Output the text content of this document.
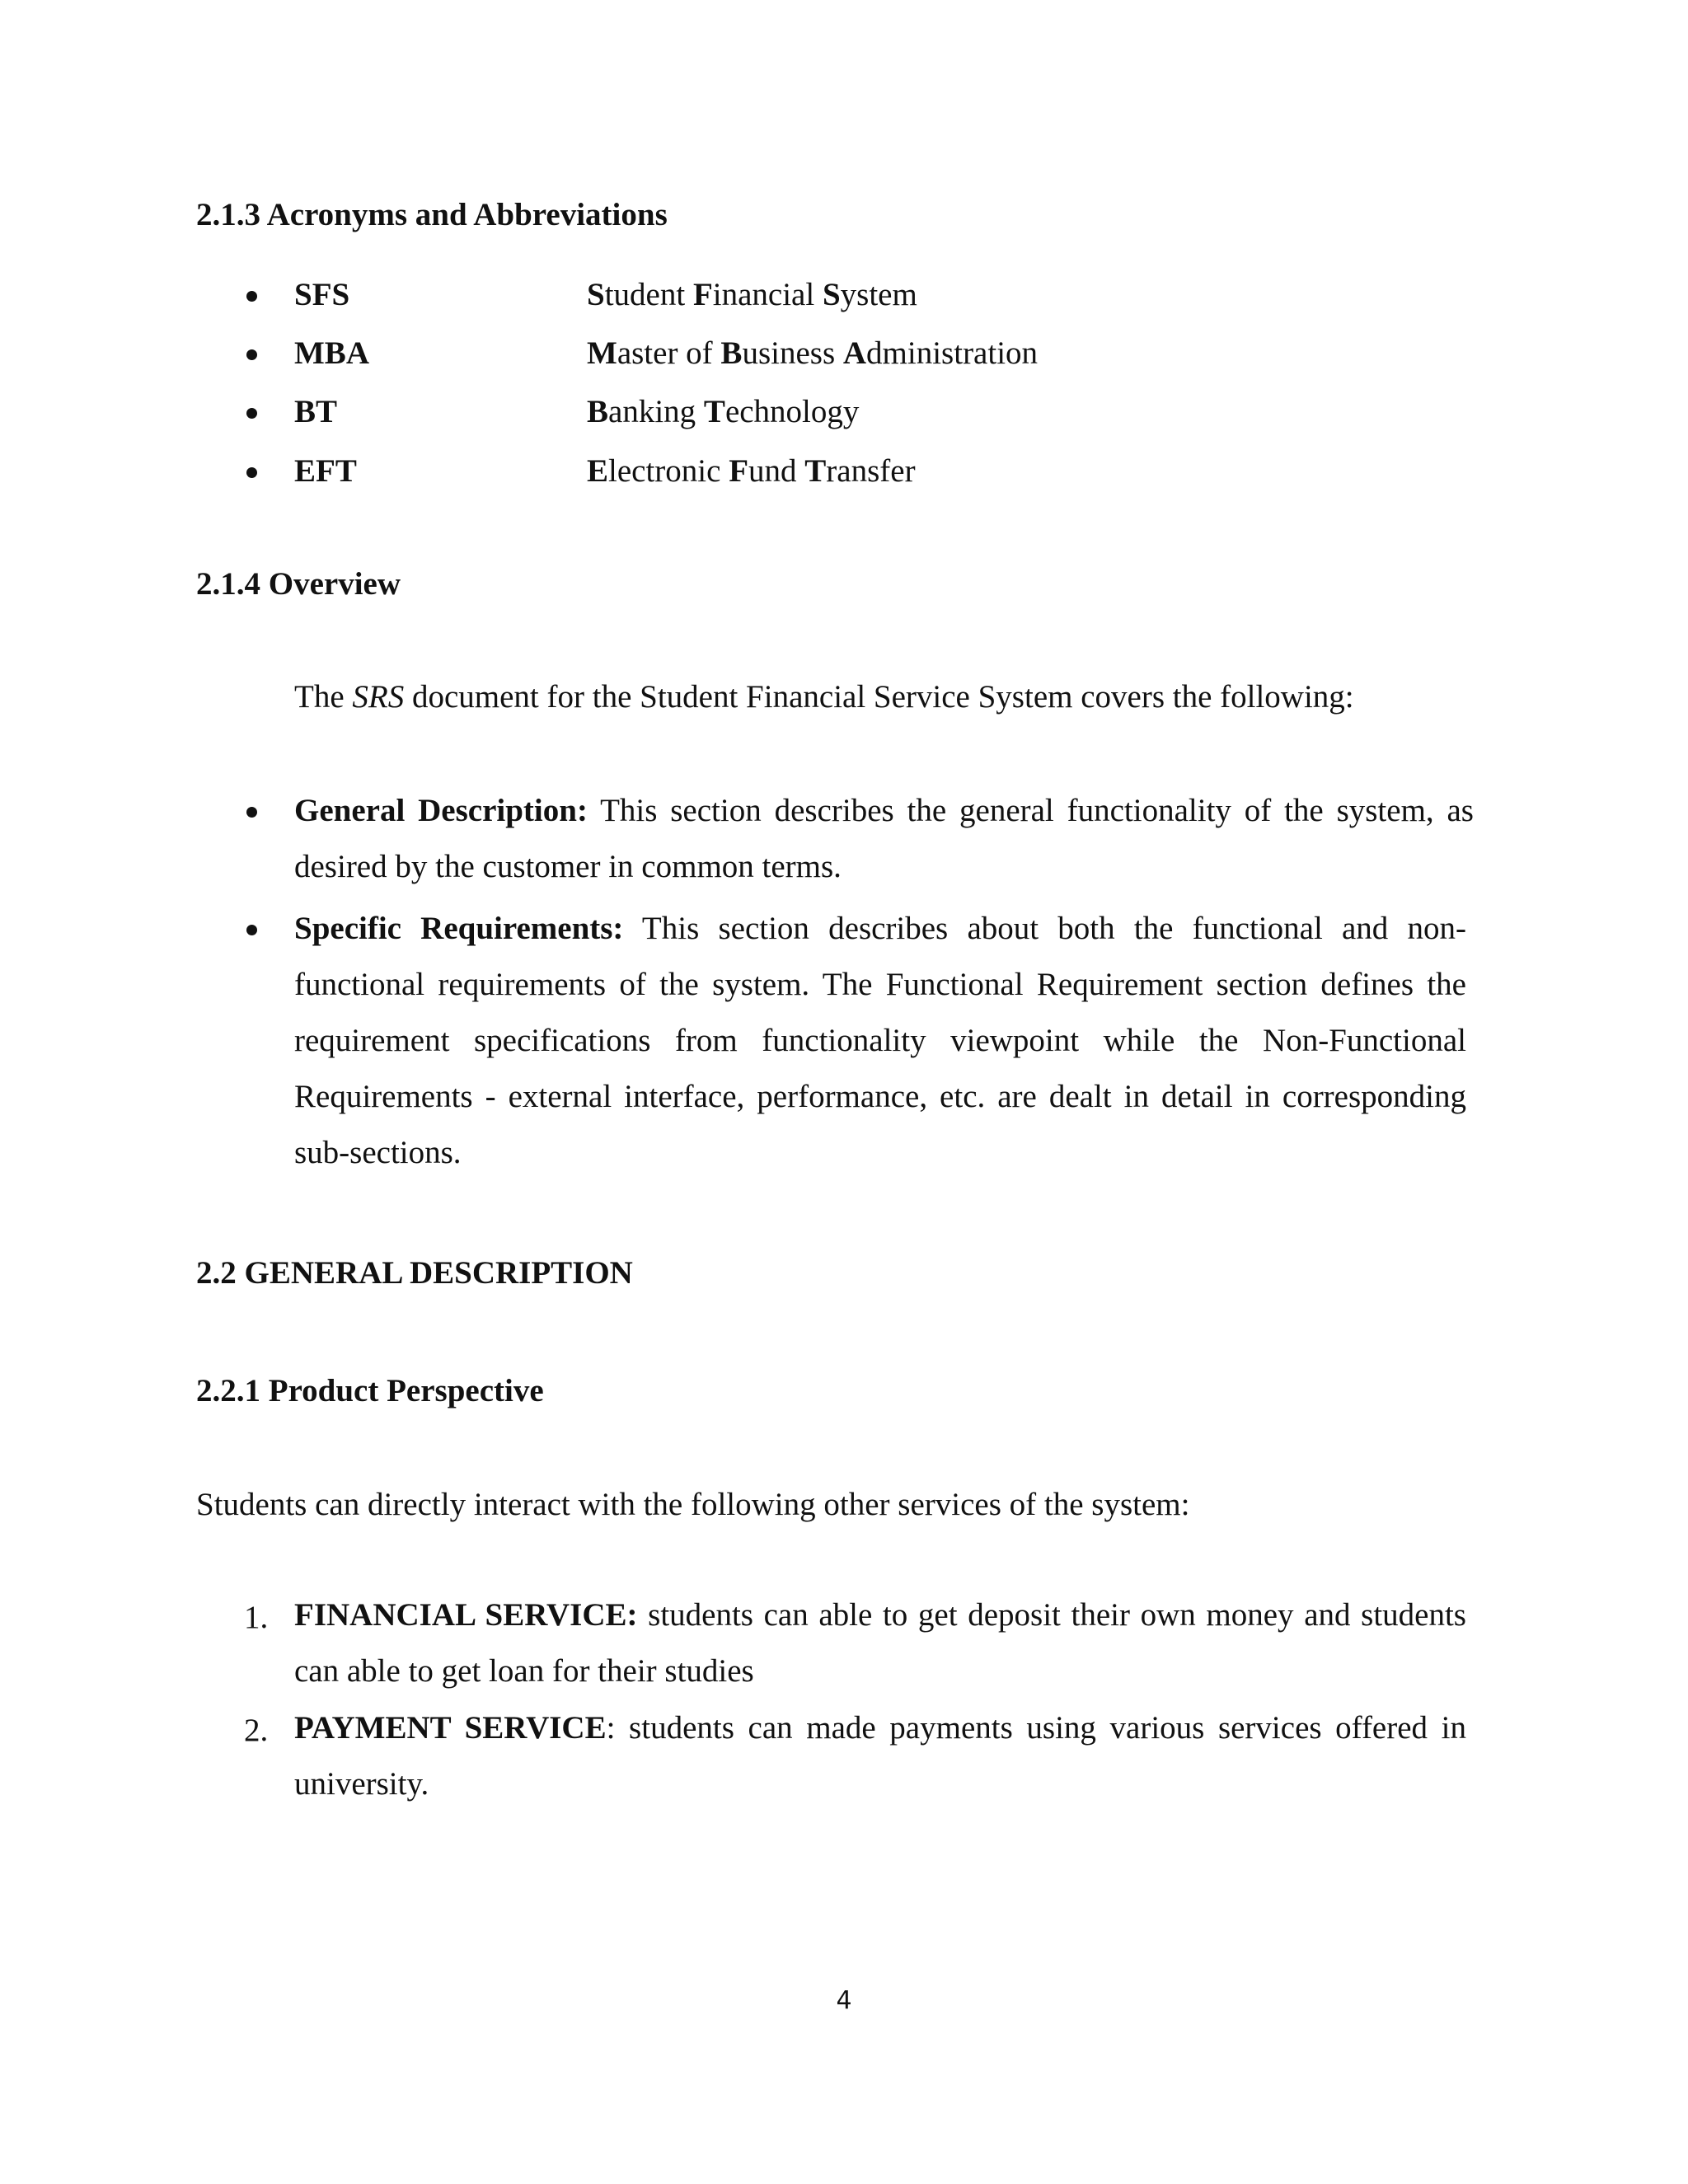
2.1.3 Acronyms and Abbreviations
SFS	Student Financial System
MBA	Master of Business Administration
BT	Banking Technology
EFT	Electronic Fund Transfer
2.1.4 Overview
The SRS document for the Student Financial Service System covers the following:
General Description: This section describes the general functionality of the system, as desired by the customer in common terms.
Specific Requirements: This section describes about both the functional and non-functional requirements of the system. The Functional Requirement section defines the requirement specifications from functionality viewpoint while the Non-Functional Requirements - external interface, performance, etc. are dealt in detail in corresponding sub-sections.
2.2 GENERAL DESCRIPTION
2.2.1 Product Perspective
Students can directly interact with the following other services of the system:
1. FINANCIAL SERVICE: students can able to get deposit their own money and students can able to get loan for their studies
2. PAYMENT SERVICE: students can made payments using various services offered in university.
4
